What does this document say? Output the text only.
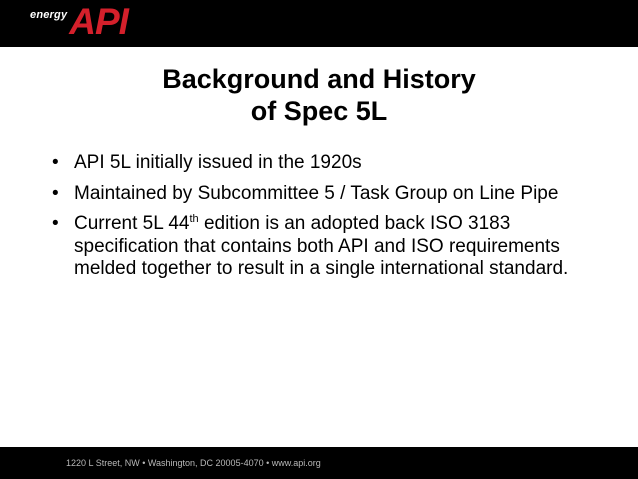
energy API
Background and History
of Spec 5L
• API 5L initially issued in the 1920s
• Maintained by Subcommittee 5 / Task Group on Line Pipe
• Current 5L 44th edition is an adopted back ISO 3183 specification that contains both API and ISO requirements melded together to result in a single international standard.
1220 L Street, NW • Washington, DC 20005-4070 • www.api.org
